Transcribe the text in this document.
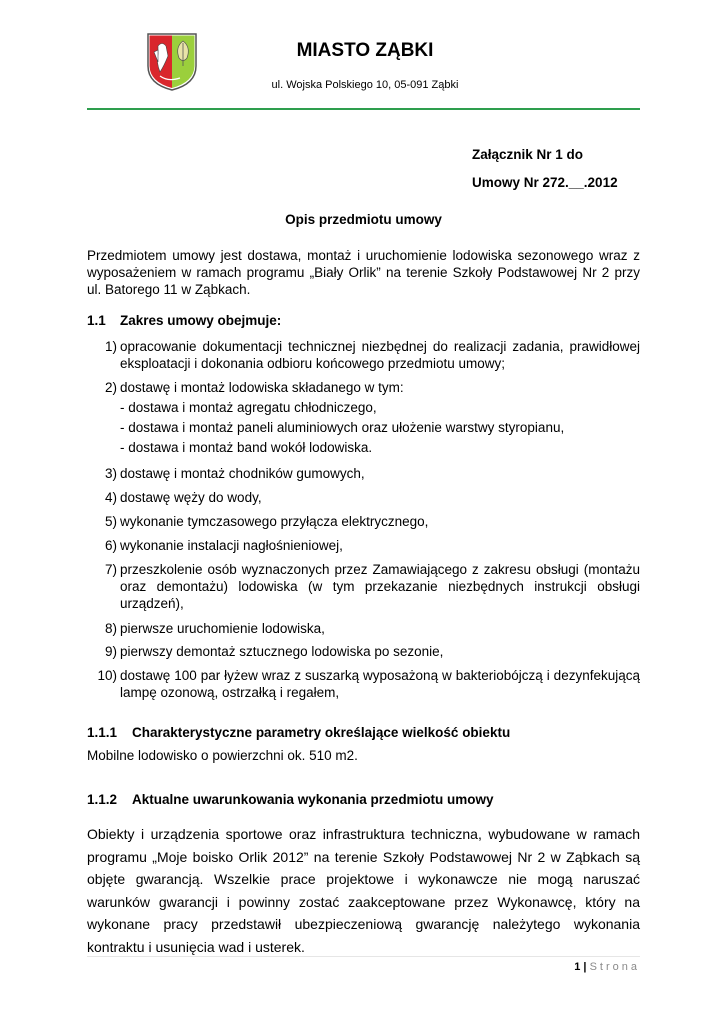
MIASTO ZĄBKI
ul. Wojska Polskiego 10, 05-091 Ząbki
Załącznik Nr 1 do
Umowy Nr 272.__.2012
Opis przedmiotu umowy
Przedmiotem umowy jest dostawa, montaż i uruchomienie lodowiska sezonowego wraz z wyposażeniem w ramach programu „Biały Orlik” na terenie Szkoły Podstawowej Nr 2 przy ul. Batorego 11 w Ząbkach.
1.1 Zakres umowy obejmuje:
1) opracowanie dokumentacji technicznej niezbędnej do realizacji zadania, prawidłowej eksploatacji i dokonania odbioru końcowego przedmiotu umowy;
2) dostawę i montaż lodowiska składanego w tym:
- dostawa i montaż agregatu chłodniczego,
- dostawa i montaż paneli aluminiowych oraz ułożenie warstwy styropianu,
- dostawa i montaż band wokół lodowiska.
3) dostawę i montaż chodników gumowych,
4) dostawę węży do wody,
5) wykonanie tymczasowego przyłącza elektrycznego,
6) wykonanie instalacji nagłośnieniowej,
7) przeszkolenie osób wyznaczonych przez Zamawiającego z zakresu obsługi (montażu oraz demontażu) lodowiska (w tym przekazanie niezbędnych instrukcji obsługi urządzeń),
8) pierwsze uruchomienie lodowiska,
9) pierwszy demontaż sztucznego lodowiska po sezonie,
10) dostawę 100 par łyżew wraz z suszarką wyposażoną w bakteriobójczą i dezynfekującą lampę ozonową, ostrzałką i regałem,
1.1.1 Charakterystyczne parametry określające wielkość obiektu
Mobilne lodowisko o powierzchni ok. 510 m2.
1.1.2 Aktualne uwarunkowania wykonania przedmiotu umowy
Obiekty i urządzenia sportowe oraz infrastruktura techniczna, wybudowane w ramach programu „Moje boisko Orlik 2012” na terenie Szkoły Podstawowej Nr 2 w Ząbkach są objęte gwarancją. Wszelkie prace projektowe i wykonawcze nie mogą naruszać warunków gwarancji i powinny zostać zaakceptowane przez Wykonawcę, który na wykonane pracy przedstawił ubezpieczeniową gwarancję należytego wykonania kontraktu i usunięcia wad i usterek.
1 | Strona
